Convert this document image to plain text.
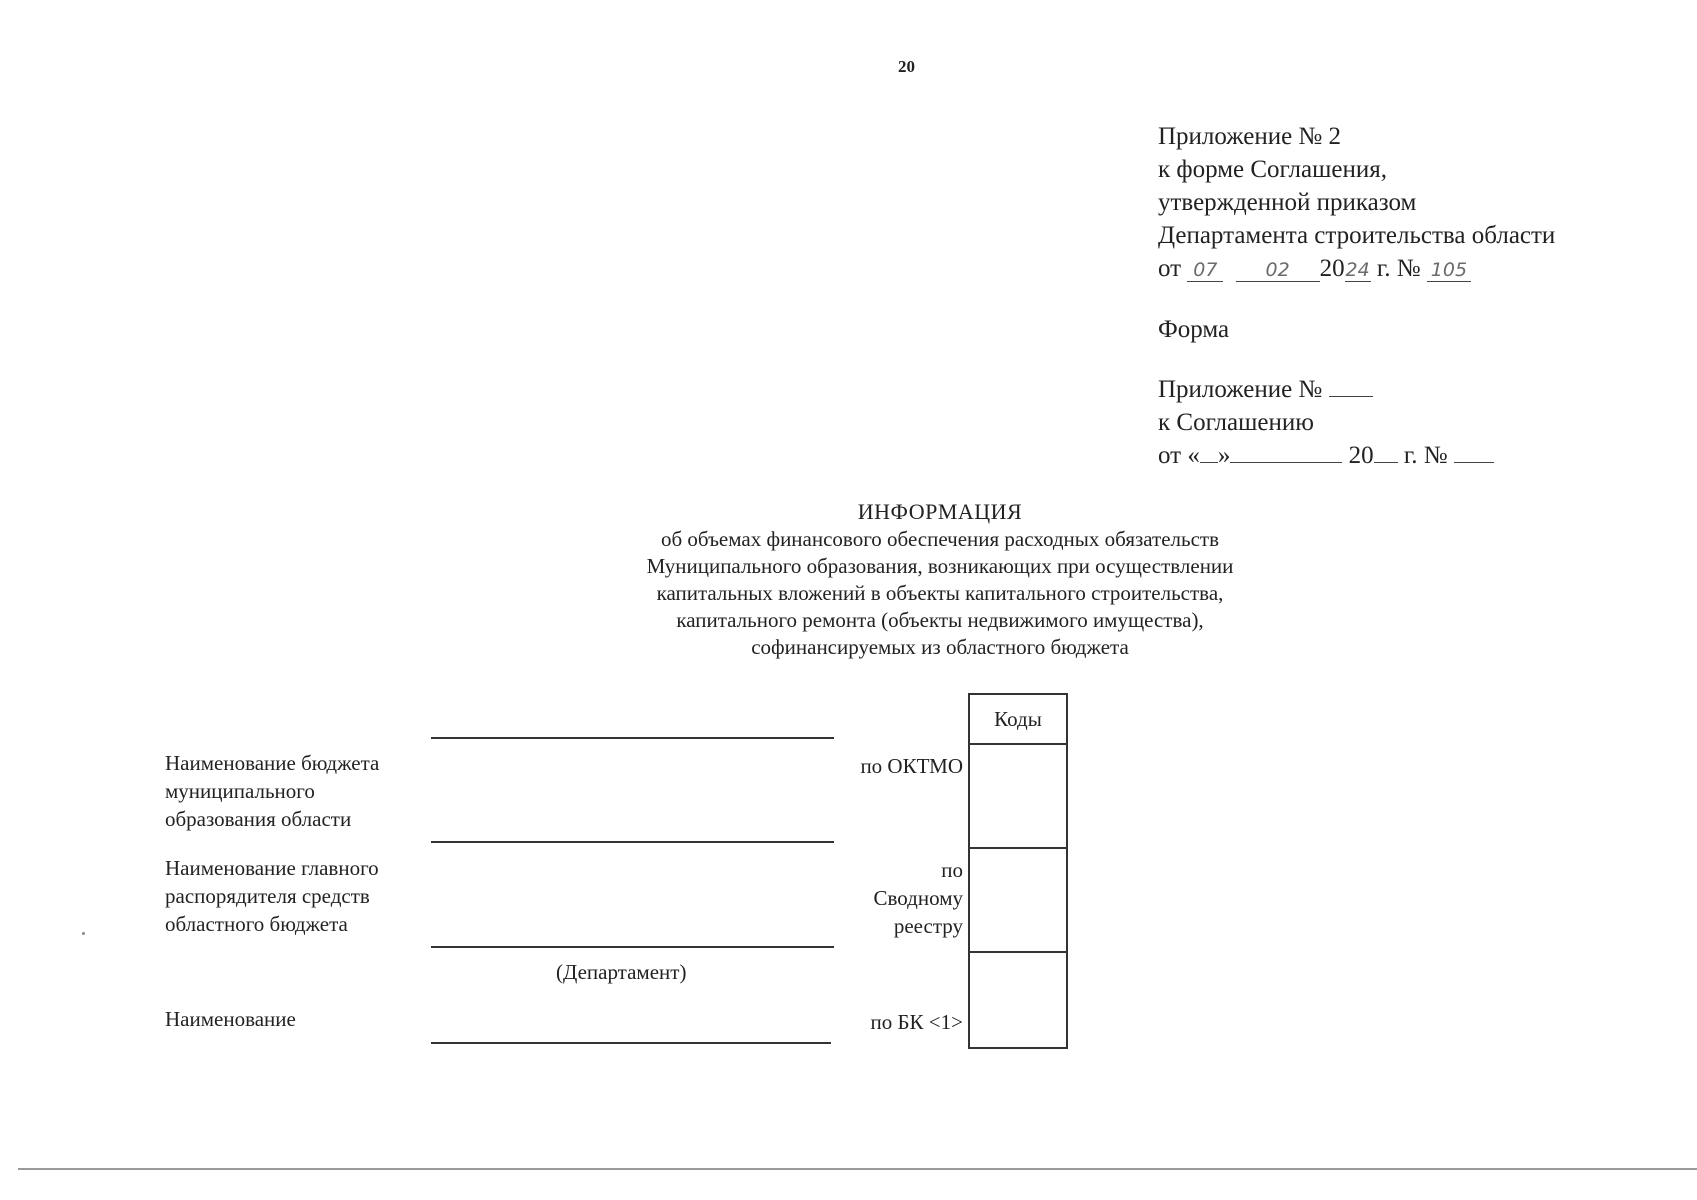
20
Приложение № 2
к форме Соглашения,
утвержденной приказом
Департамента строительства области
от 07	02 2024 г. № 105
Форма
Приложение №
к Соглашению
от « »	20 г. №
ИНФОРМАЦИЯ
об объемах финансового обеспечения расходных обязательств
Муниципального образования, возникающих при осуществлении
капитальных вложений в объекты капитального строительства,
капитального ремонта (объекты недвижимого имущества),
софинансируемых из областного бюджета
Наименование бюджета
муниципального
образования области
Наименование главного
распорядителя средств
областного бюджета
Наименование
(Департамент)
по ОКТМО
по
Сводному
реестру
по БК <1>
Коды
